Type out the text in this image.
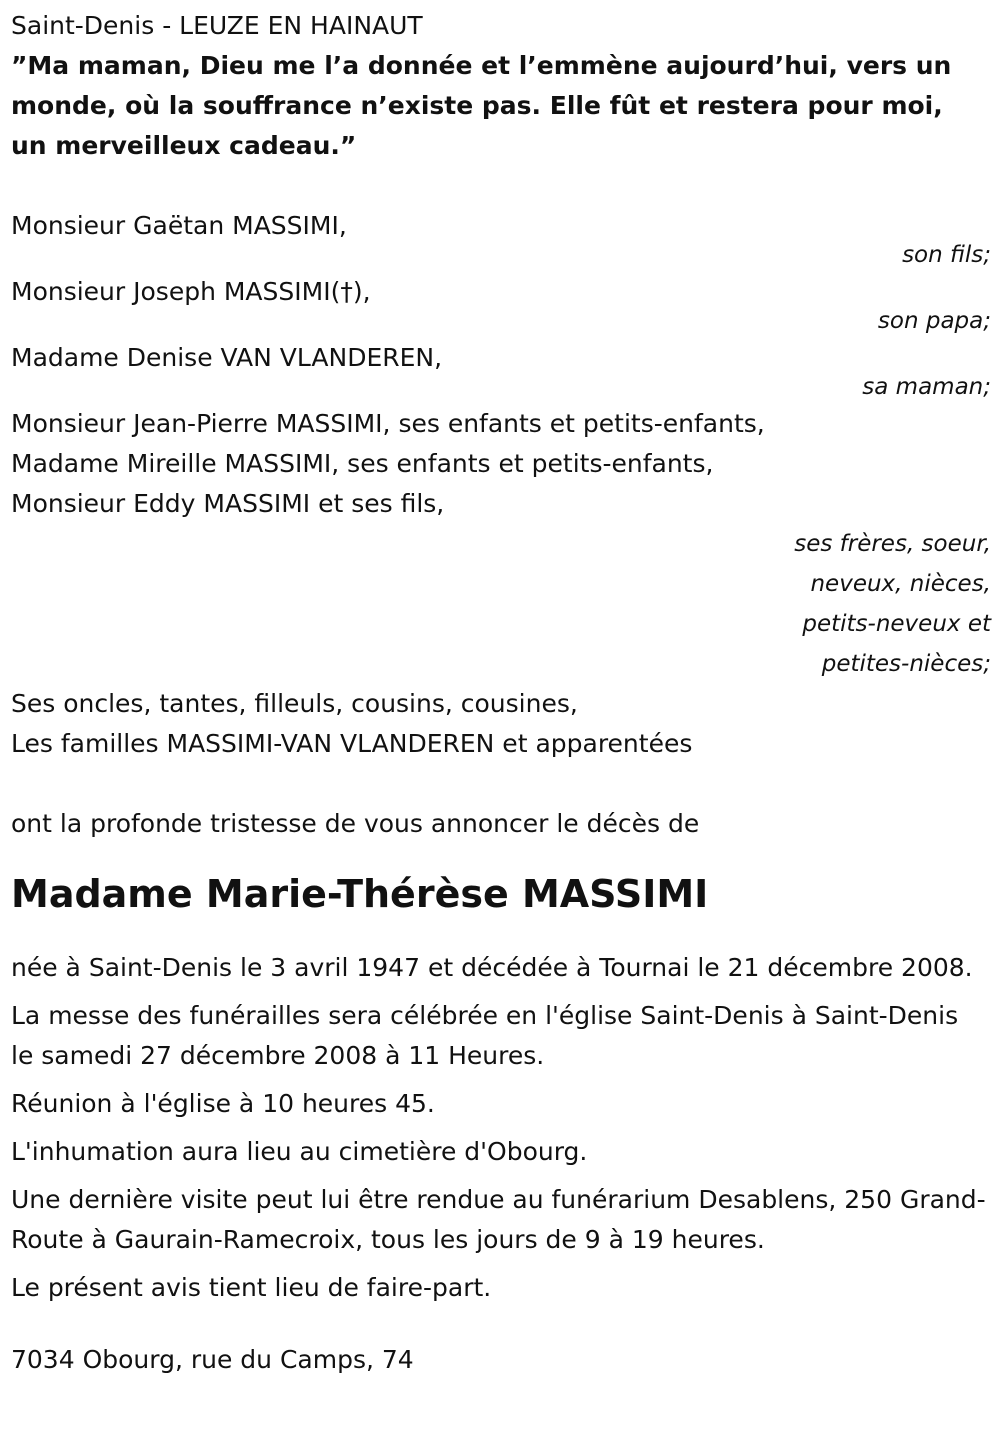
Saint-Denis - LEUZE EN HAINAUT
”Ma maman, Dieu me l’a donnée et l’emmène aujourd’hui, vers un monde, où la souffrance n’existe pas. Elle fût et restera pour moi, un merveilleux cadeau.”
Monsieur Gaëtan MASSIMI,
son fils;
Monsieur Joseph MASSIMI(†),
son papa;
Madame Denise VAN VLANDEREN,
sa maman;
Monsieur Jean-Pierre MASSIMI, ses enfants et petits-enfants,
Madame Mireille MASSIMI, ses enfants et petits-enfants,
Monsieur Eddy MASSIMI et ses fils,
ses frères, soeur,
neveux, nièces,
petits-neveux et
petites-nièces;
Ses oncles, tantes, filleuls, cousins, cousines,
Les familles MASSIMI-VAN VLANDEREN et apparentées
ont la profonde tristesse de vous annoncer le décès de
Madame Marie-Thérèse MASSIMI
née à Saint-Denis le 3 avril 1947 et décédée à Tournai le 21 décembre 2008.
La messe des funérailles sera célébrée en l'église Saint-Denis à Saint-Denis le samedi 27 décembre 2008 à 11 Heures.
Réunion à l'église à 10 heures 45.
L'inhumation aura lieu au cimetière d'Obourg.
Une dernière visite peut lui être rendue au funérarium Desablens, 250 Grand-Route à Gaurain-Ramecroix, tous les jours de 9 à 19 heures.
Le présent avis tient lieu de faire-part.
7034 Obourg, rue du Camps, 74
